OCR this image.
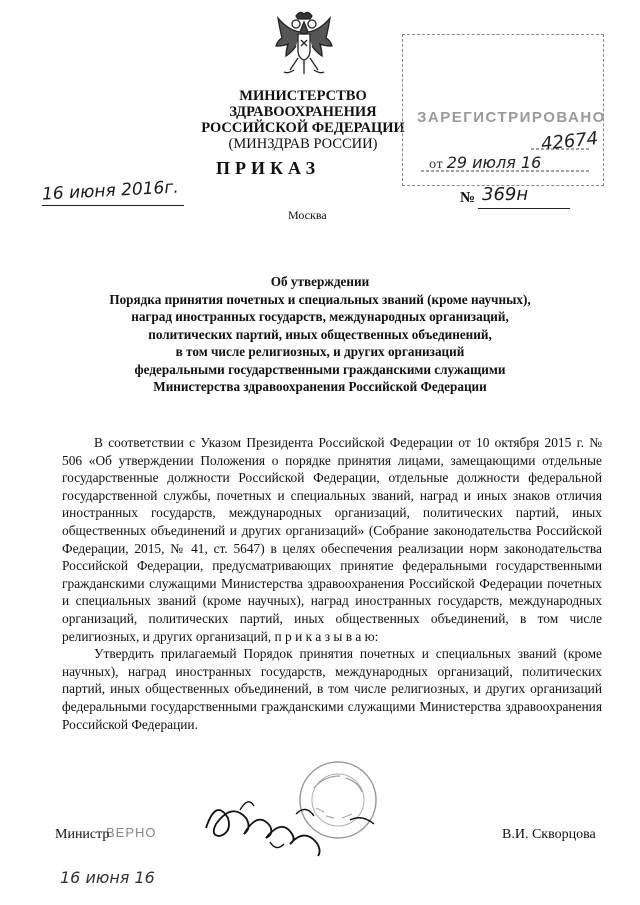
МИНИСТЕРСТВО ЗДРАВООХРАНЕНИЯ
РОССИЙСКОЙ ФЕДЕРАЦИИ
(МИНЗДРАВ РОССИИ)
ЗАРЕГИСТРИРОВАНО
42674
от 29 июля 16
ПРИКАЗ
16 июня 2016г.
Москва
№ 369н
Об утверждении
Порядка принятия почетных и специальных званий (кроме научных),
наград иностранных государств, международных организаций,
политических партий, иных общественных объединений,
в том числе религиозных, и других организаций
федеральными государственными гражданскими служащими
Министерства здравоохранения Российской Федерации

В соответствии с Указом Президента Российской Федерации от 10 октября 2015 г. № 506 «Об утверждении Положения о порядке принятия лицами, замещающими отдельные государственные должности Российской Федерации, отдельные должности федеральной государственной службы, почетных и специальных званий, наград и иных знаков отличия иностранных государств, международных организаций, политических партий, иных общественных объединений и других организаций» (Собрание законодательства Российской Федерации, 2015, № 41, ст. 5647) в целях обеспечения реализации норм законодательства Российской Федерации, предусматривающих принятие федеральными государственными гражданскими служащими Министерства здравоохранения Российской Федерации почетных и специальных званий (кроме научных), наград иностранных государств, международных организаций, политических партий, иных общественных объединений, в том числе религиозных, и других организаций, п р и к а з ы в а ю:

Утвердить прилагаемый Порядок принятия почетных и специальных званий (кроме научных), наград иностранных государств, международных организаций, политических партий, иных общественных объединений, в том числе религиозных, и других организаций федеральными государственными гражданскими служащими Министерства здравоохранения Российской Федерации.

ВЕРНО
16 июня 16
Министр	В.И. Скворцова
